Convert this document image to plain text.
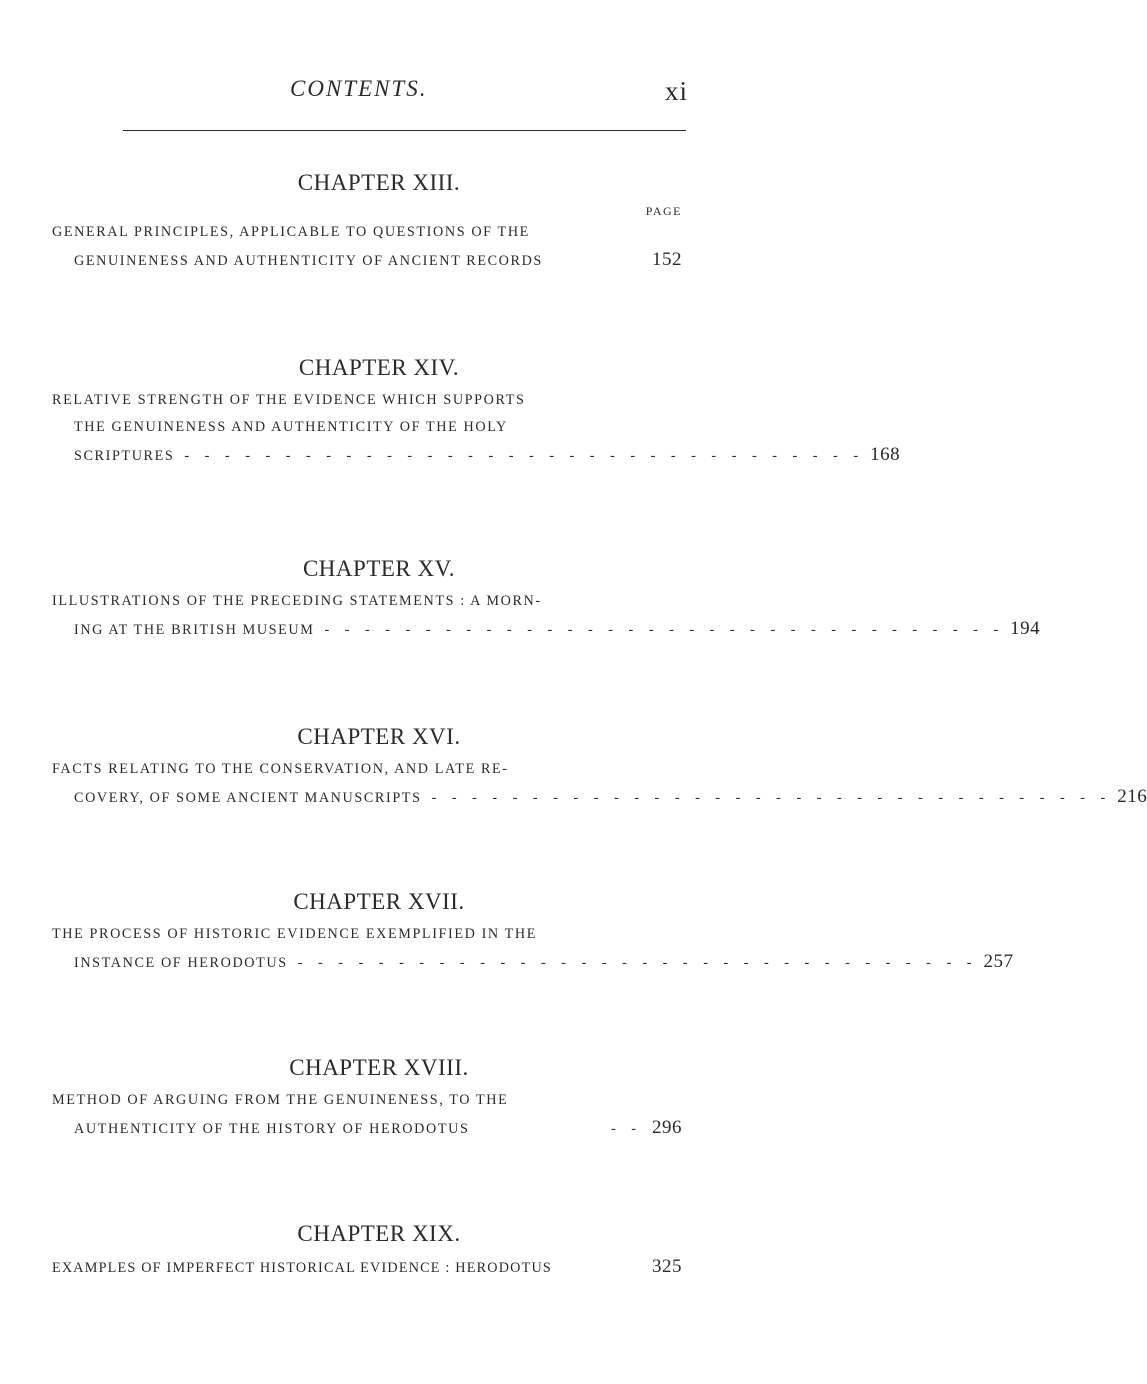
CONTENTS.	xi
CHAPTER XIII.
PAGE
GENERAL PRINCIPLES, APPLICABLE TO QUESTIONS OF THE
GENUINENESS AND AUTHENTICITY OF ANCIENT RECORDS	152
CHAPTER XIV.
RELATIVE STRENGTH OF THE EVIDENCE WHICH SUPPORTS
THE GENUINENESS AND AUTHENTICITY OF THE HOLY
SCRIPTURES - - - - - - - - - - - - - - - - - - - - - - - - - - - - - - - - - - 168
CHAPTER XV.
ILLUSTRATIONS OF THE PRECEDING STATEMENTS : A MORN-
ING AT THE BRITISH MUSEUM - - - - - - - - - - - - - - - - - - - - - - - - - - - - - - - - - - 194
CHAPTER XVI.
FACTS RELATING TO THE CONSERVATION, AND LATE RE-
COVERY, OF SOME ANCIENT MANUSCRIPTS - - - - - - - - - - - - - - - - - - - - - - - - - - - - - - - - - - 216
CHAPTER XVII.
THE PROCESS OF HISTORIC EVIDENCE EXEMPLIFIED IN THE
INSTANCE OF HERODOTUS - - - - - - - - - - - - - - - - - - - - - - - - - - - - - - - - - - 257
CHAPTER XVIII.
METHOD OF ARGUING FROM THE GENUINENESS, TO THE
AUTHENTICITY OF THE HISTORY OF HERODOTUS	- - 296
CHAPTER XIX.
EXAMPLES OF IMPERFECT HISTORICAL EVIDENCE : HERODOTUS	325
